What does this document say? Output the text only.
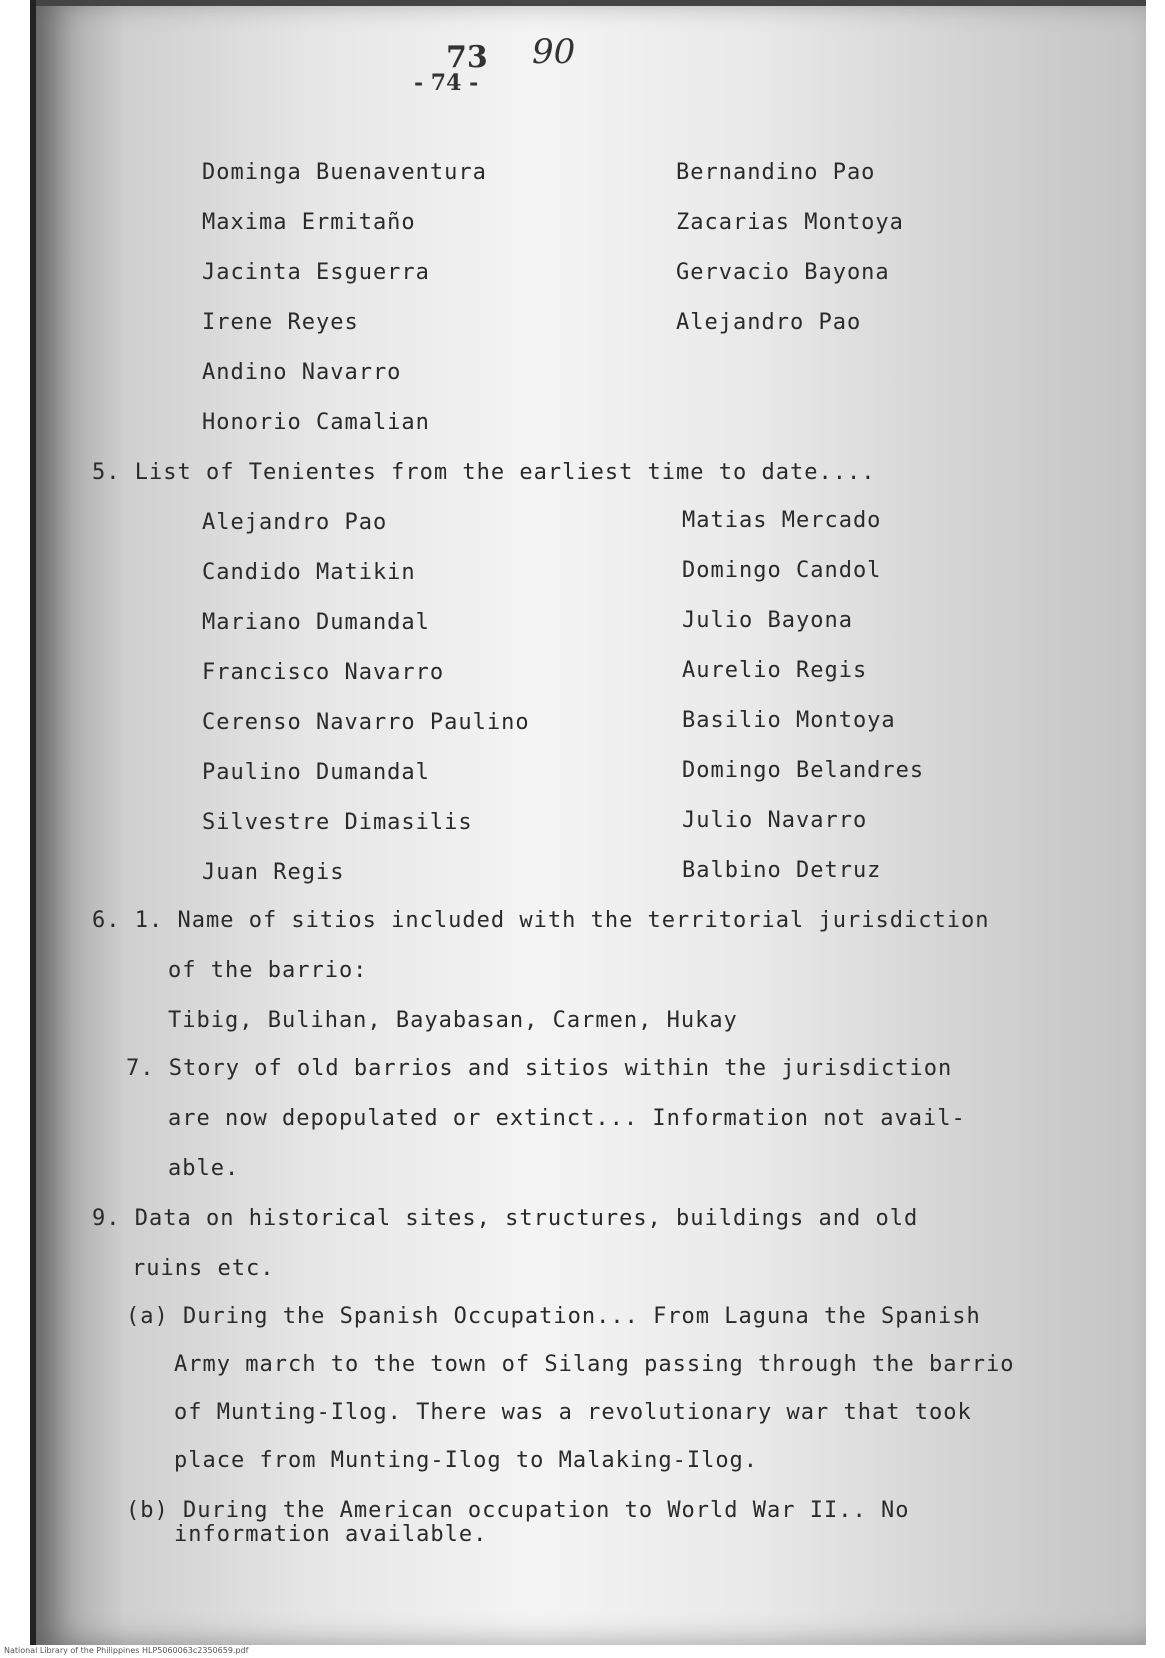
73 90
- 74 -
Dominga Buenaventura
Maxima Ermitaño
Jacinta Esguerra
Irene Reyes
Andino Navarro
Honorio Camalian
Bernandino Pao
Zacarias Montoya
Gervacio Bayona
Alejandro Pao
5. List of Tenientes from the earliest time to date....
Alejandro Pao
Candido Matikin
Mariano Dumandal
Francisco Navarro
Cerenso Navarro Paulino
Paulino Dumandal
Silvestre Dimasilis
Juan Regis
Matias Mercado
Domingo Candol
Julio Bayona
Aurelio Regis
Basilio Montoya
Domingo Belandres
Julio Navarro
Balbino Detruz
6. 1. Name of sitios included with the territorial jurisdiction
of the barrio:
Tibig, Bulihan, Bayabasan, Carmen, Hukay
7. Story of old barrios and sitios within the jurisdiction
are now depopulated or extinct... Information not avail-
able.
9. Data on historical sites, structures, buildings and old
ruins etc.
(a) During the Spanish Occupation... From Laguna the Spanish
Army march to the town of Silang passing through the barrio
of Munting-Ilog. There was a revolutionary war that took
place from Munting-Ilog to Malaking-Ilog.
(b) During the American occupation to World War II.. No
information available.
National Library of the Philippines HLP5060063c2350659.pdf
